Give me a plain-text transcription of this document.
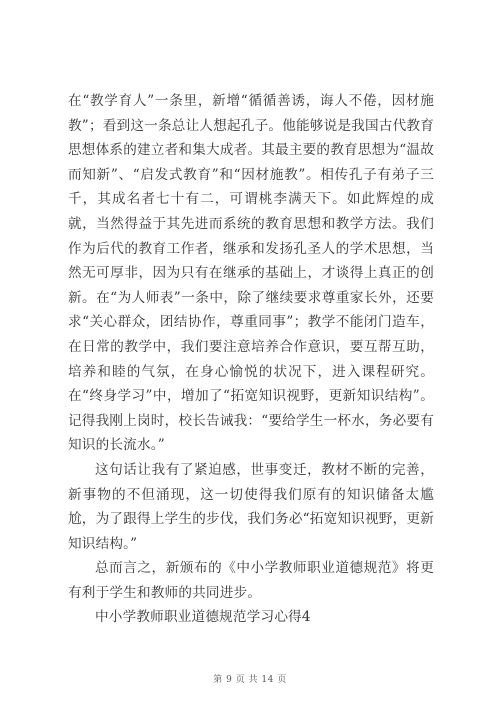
在“教学育人”一条里，新增“循循善诱，诲人不倦，因材施教”；看到这一条总让人想起孔子。他能够说是我国古代教育思想体系的建立者和集大成者。其最主要的教育思想为“温故而知新”、“启发式教育”和“因材施教”。相传孔子有弟子三千，其成名者七十有二，可谓桃李满天下。如此辉煌的成就，当然得益于其先进而系统的教育思想和教学方法。我们作为后代的教育工作者，继承和发扬孔圣人的学术思想，当然无可厚非，因为只有在继承的基础上，才谈得上真正的创新。在“为人师表”一条中，除了继续要求尊重家长外，还要求“关心群众，团结协作，尊重同事”；教学不能闭门造车，在日常的教学中，我们要注意培养合作意识，要互帮互助，培养和睦的气氛，在身心愉悦的状况下，进入课程研究。在“终身学习”中，增加了“拓宽知识视野，更新知识结构”。记得我刚上岗时，校长告诫我：“要给学生一杯水，务必要有知识的长流水。”

这句话让我有了紧迫感，世事变迁，教材不断的完善，新事物的不但涌现，这一切使得我们原有的知识储备太尴尬，为了跟得上学生的步伐，我们务必“拓宽知识视野，更新知识结构。”

总而言之，新颁布的《中小学教师职业道德规范》将更有利于学生和教师的共同进步。

中小学教师职业道德规范学习心得4

第 9 页 共 14 页
